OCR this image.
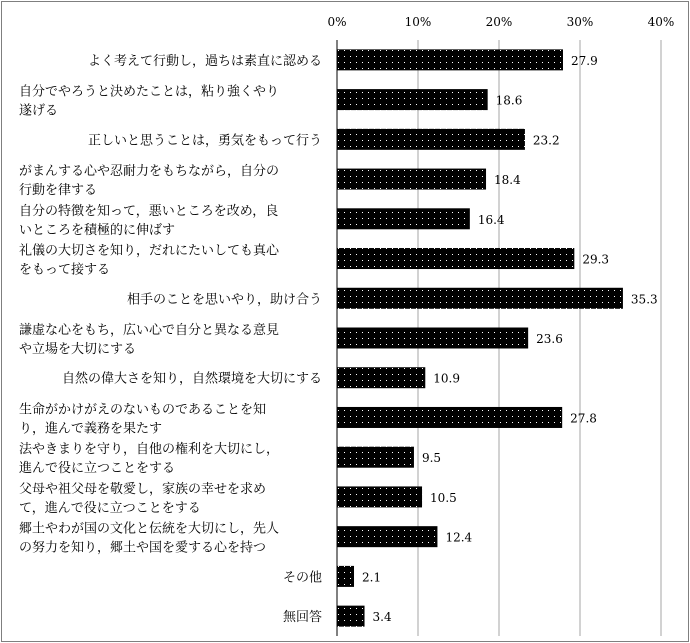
0%	10%	20%	30%	40%
よく考えて行動し，過ちは素直に認める
自分でやろうと決めたことは，粘り強くやり
遂げる
正しいと思うことは，勇気をもって行う
がまんする心や忍耐力をもちながら，自分の
行動を律する
自分の特徴を知って，悪いところを改め，良
いところを積極的に伸ばす
礼儀の大切さを知り，だれにたいしても真心
をもって接する
相手のことを思いやり，助け合う
謙虚な心をもち，広い心で自分と異なる意見
や立場を大切にする
自然の偉大さを知り，自然環境を大切にする
生命がかけがえのないものであることを知
り，進んで義務を果たす
法やきまりを守り，自他の権利を大切にし，
進んで役に立つことをする
父母や祖父母を敬愛し，家族の幸せを求め
て，進んで役に立つことをする
郷土やわが国の文化と伝統を大切にし，先人
の努力を知り，郷土や国を愛する心を持つ
その他
無回答
27.9
18.6
23.2
18.4
16.4
29.3
35.3
23.6
10.9
27.8
9.5
10.5
12.4
2.1
3.4
